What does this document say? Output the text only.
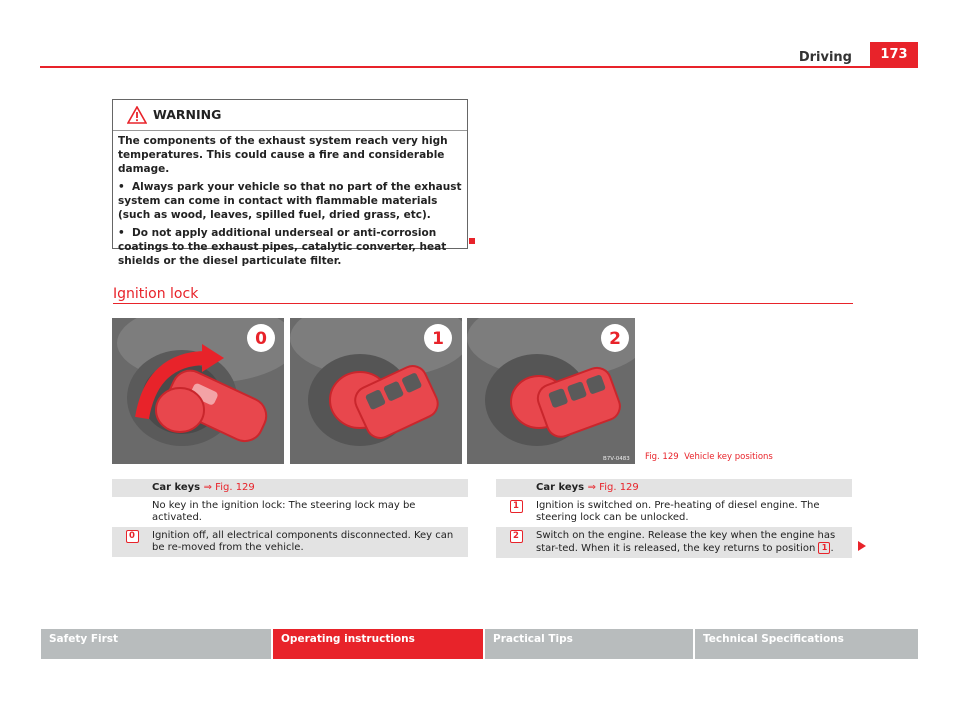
Driving	173
WARNING

The components of the exhaust system reach very high temperatures. This could cause a fire and considerable damage.

•  Always park your vehicle so that no part of the exhaust system can come in contact with flammable materials (such as wood, leaves, spilled fuel, dried grass, etc).

•  Do not apply additional underseal or anti-corrosion coatings to the exhaust pipes, catalytic converter, heat shields or the diesel particulate filter.

Ignition lock
0	1	2
B7V-0483 Fig. 129 Vehicle key positions
Car keys ⇒ Fig. 129
No key in the ignition lock: The steering lock may be activated.
0	Ignition off, all electrical components disconnected. Key can be re-moved from the vehicle.
Car keys ⇒ Fig. 129
1	Ignition is switched on. Pre-heating of diesel engine. The steering lock can be unlocked.
2	Switch on the engine. Release the key when the engine has star-ted. When it is released, the key returns to position 1 .
Safety First	Operating instructions	Practical Tips	Technical Specifications
